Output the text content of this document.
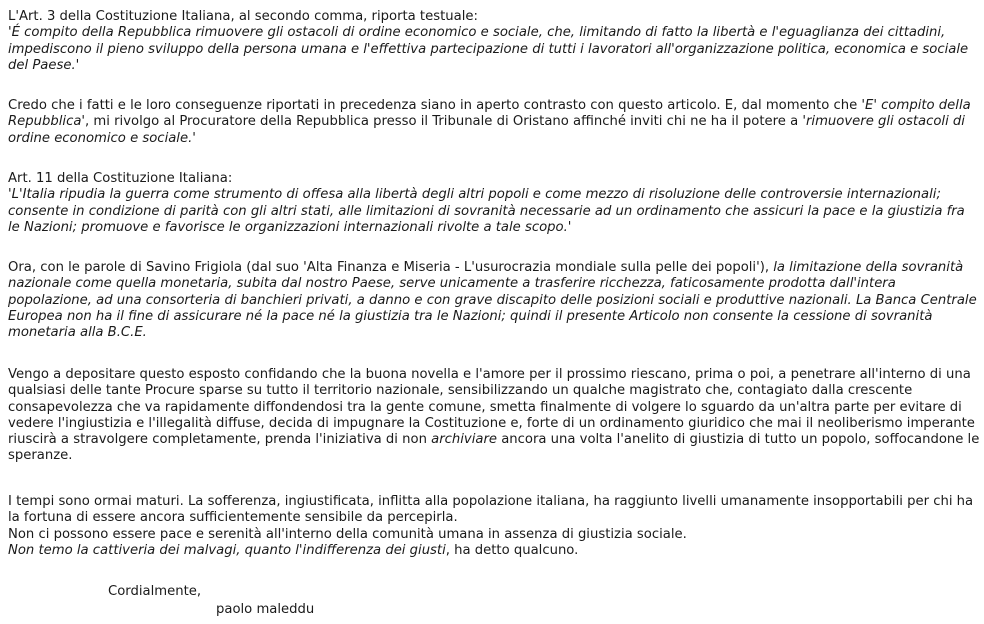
L'Art. 3 della Costituzione Italiana, al secondo comma, riporta testuale:
'É compito della Repubblica rimuovere gli ostacoli di ordine economico e sociale, che, limitando di fatto la libertà e l'eguaglianza dei cittadini, impediscono il pieno sviluppo della persona umana e l'effettiva partecipazione di tutti i lavoratori all'organizzazione politica, economica e sociale del Paese.'

Credo che i fatti e le loro conseguenze riportati in precedenza siano in aperto contrasto con questo articolo. E, dal momento che 'E' compito della Repubblica', mi rivolgo al Procuratore della Repubblica presso il Tribunale di Oristano affinché inviti chi ne ha il potere a 'rimuovere gli ostacoli di ordine economico e sociale.'

Art. 11 della Costituzione Italiana:
'L'Italia ripudia la guerra come strumento di offesa alla libertà degli altri popoli e come mezzo di risoluzione delle controversie internazionali; consente in condizione di parità con gli altri stati, alle limitazioni di sovranità necessarie ad un ordinamento che assicuri la pace e la giustizia fra le Nazioni; promuove e favorisce le organizzazioni internazionali rivolte a tale scopo.'

Ora, con le parole di Savino Frigiola (dal suo 'Alta Finanza e Miseria - L'usurocrazia mondiale sulla pelle dei popoli'), la limitazione della sovranità nazionale come quella monetaria, subita dal nostro Paese, serve unicamente a trasferire ricchezza, faticosamente prodotta dall'intera popolazione, ad una consorteria di banchieri privati, a danno e con grave discapito delle posizioni sociali e produttive nazionali. La Banca Centrale Europea non ha il fine di assicurare né la pace né la giustizia tra le Nazioni; quindi il presente Articolo non consente la cessione di sovranità monetaria alla B.C.E.

Vengo a depositare questo esposto confidando che la buona novella e l'amore per il prossimo riescano, prima o poi, a penetrare all'interno di una qualsiasi delle tante Procure sparse su tutto il territorio nazionale, sensibilizzando un qualche magistrato che, contagiato dalla crescente consapevolezza che va rapidamente diffondendosi tra la gente comune, smetta finalmente di volgere lo sguardo da un'altra parte per evitare di vedere l'ingiustizia e l'illegalità diffuse, decida di impugnare la Costituzione e, forte di un ordinamento giuridico che mai il neoliberismo imperante riuscirà a stravolgere completamente, prenda l'iniziativa di non archiviare ancora una volta l'anelito di giustizia di tutto un popolo, soffocandone le speranze.

I tempi sono ormai maturi. La sofferenza, ingiustificata, inflitta alla popolazione italiana, ha raggiunto livelli umanamente insopportabili per chi ha la fortuna di essere ancora sufficientemente sensibile da percepirla.
Non ci possono essere pace e serenità all'interno della comunità umana in assenza di giustizia sociale.
Non temo la cattiveria dei malvagi, quanto l'indifferenza dei giusti, ha detto qualcuno.

Cordialmente,

paolo maleddu
